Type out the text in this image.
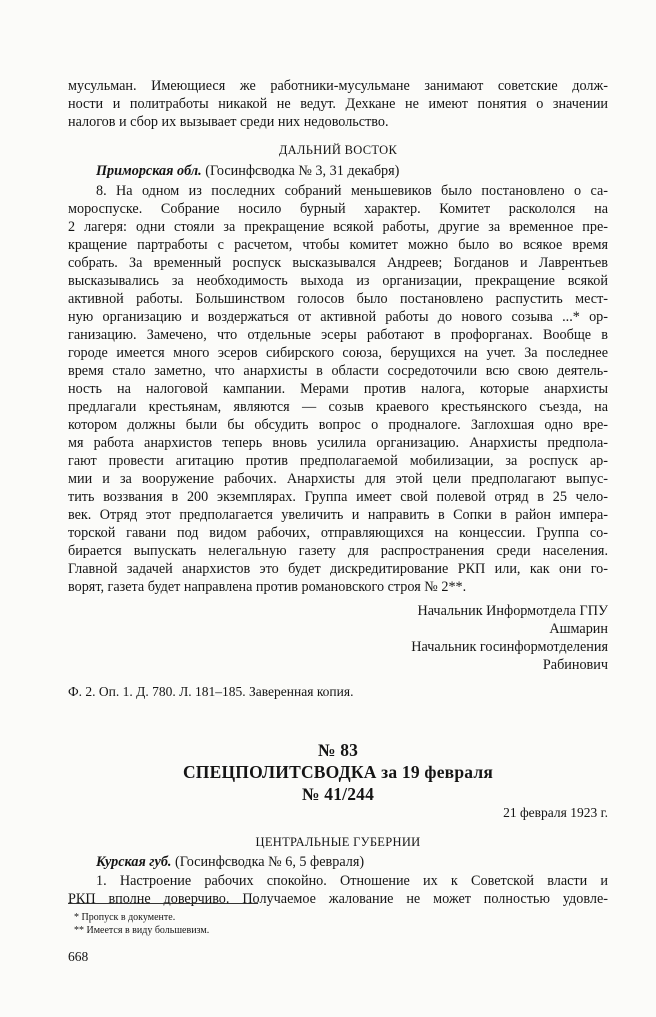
мусульман. Имеющиеся же работники-мусульмане занимают советские долж-
ности и политработы никакой не ведут. Дехкане не имеют понятия о значении
налогов и сбор их вызывает среди них недовольство.
ДАЛЬНИЙ ВОСТОК
Приморская обл. (Госинфсводка № 3, 31 декабря)
8. На одном из последних собраний меньшевиков было постановлено о са-
мороспуске. Собрание носило бурный характер. Комитет раскололся на
2 лагеря: одни стояли за прекращение всякой работы, другие за временное пре-
кращение партработы с расчетом, чтобы комитет можно было во всякое время
собрать. За временный роспуск высказывался Андреев; Богданов и Лаврентьев
высказывались за необходимость выхода из организации, прекращение всякой
активной работы. Большинством голосов было постановлено распустить мест-
ную организацию и воздержаться от активной работы до нового созыва ...* ор-
ганизацию. Замечено, что отдельные эсеры работают в профорганах. Вообще в
городе имеется много эсеров сибирского союза, берущихся на учет. За последнее
время стало заметно, что анархисты в области сосредоточили всю свою деятель-
ность на налоговой кампании. Мерами против налога, которые анархисты
предлагали крестьянам, являются — созыв краевого крестьянского съезда, на
котором должны были бы обсудить вопрос о продналоге. Заглохшая одно вре-
мя работа анархистов теперь вновь усилила организацию. Анархисты предпола-
гают провести агитацию против предполагаемой мобилизации, за роспуск ар-
мии и за вооружение рабочих. Анархисты для этой цели предполагают выпус-
тить воззвания в 200 экземплярах. Группа имеет свой полевой отряд в 25 чело-
век. Отряд этот предполагается увеличить и направить в Сопки в район импера-
торской гавани под видом рабочих, отправляющихся на концессии. Группа со-
бирается выпускать нелегальную газету для распространения среди населения.
Главной задачей анархистов это будет дискредитирование РКП или, как они го-
ворят, газета будет направлена против романовского строя № 2**.
Начальник Информотдела ГПУ
Ашмарин
Начальник госинформотделения
Рабинович
Ф. 2. Оп. 1. Д. 780. Л. 181–185. Заверенная копия.
№ 83
СПЕЦПОЛИТСВОДКА за 19 февраля
№ 41/244
21 февраля 1923 г.
ЦЕНТРАЛЬНЫЕ ГУБЕРНИИ
Курская губ. (Госинфсводка № 6, 5 февраля)
1. Настроение рабочих спокойно. Отношение их к Советской власти и
РКП вполне доверчиво. Получаемое жалование не может полностью удовле-
* Пропуск в документе.
** Имеется в виду большевизм.
668
